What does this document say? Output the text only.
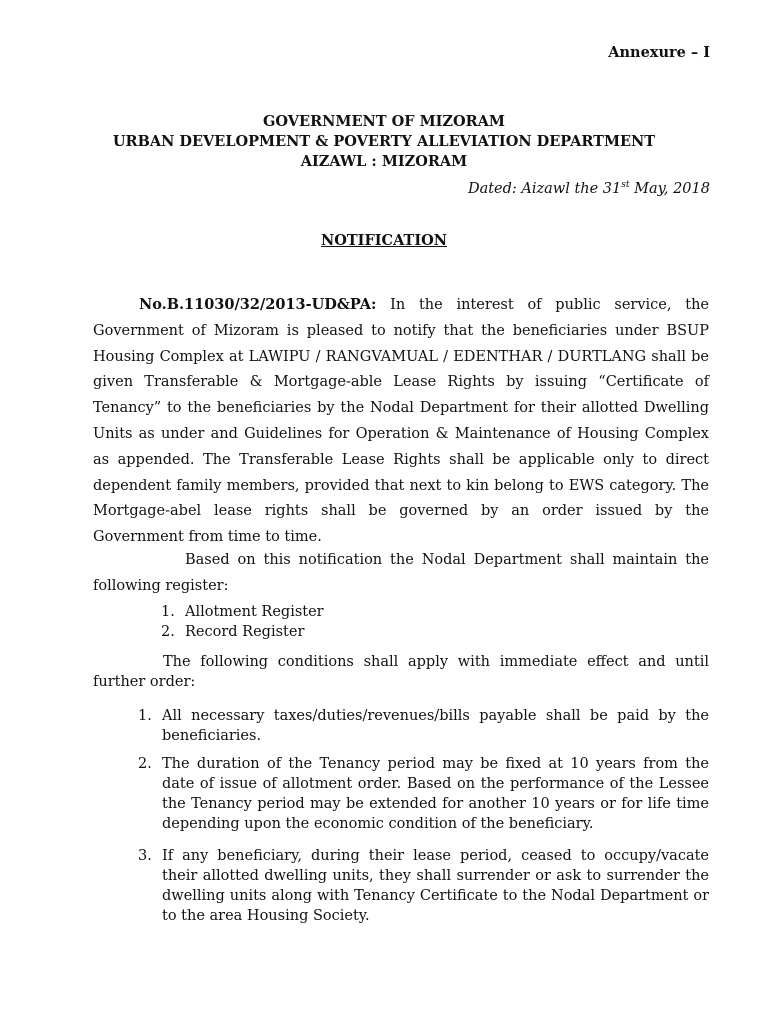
Annexure – I
GOVERNMENT OF MIZORAM
URBAN DEVELOPMENT & POVERTY ALLEVIATION DEPARTMENT
AIZAWL : MIZORAM
Dated: Aizawl the 31st May, 2018
NOTIFICATION
No.B.11030/32/2013-UD&PA: In the interest of public service, the Government of Mizoram is pleased to notify that the beneficiaries under BSUP Housing Complex at LAWIPU / RANGVAMUAL / EDENTHAR / DURTLANG shall be given Transferable & Mortgage-able Lease Rights by issuing “Certificate of Tenancy” to the beneficiaries by the Nodal Department for their allotted Dwelling Units as under and Guidelines for Operation & Maintenance of Housing Complex as appended. The Transferable Lease Rights shall be applicable only to direct dependent family members, provided that next to kin belong to EWS category. The Mortgage-abel lease rights shall be governed by an order issued by the Government from time to time.
Based on this notification the Nodal Department shall maintain the following register:
1. Allotment Register
2. Record Register
The following conditions shall apply with immediate effect and until further order:
1. All necessary taxes/duties/revenues/bills payable shall be paid by the beneficiaries.
2. The duration of the Tenancy period may be fixed at 10 years from the date of issue of allotment order. Based on the performance of the Lessee the Tenancy period may be extended for another 10 years or for life time depending upon the economic condition of the beneficiary.
3. If any beneficiary, during their lease period, ceased to occupy/vacate their allotted dwelling units, they shall surrender or ask to surrender the dwelling units along with Tenancy Certificate to the Nodal Department or to the area Housing Society.
